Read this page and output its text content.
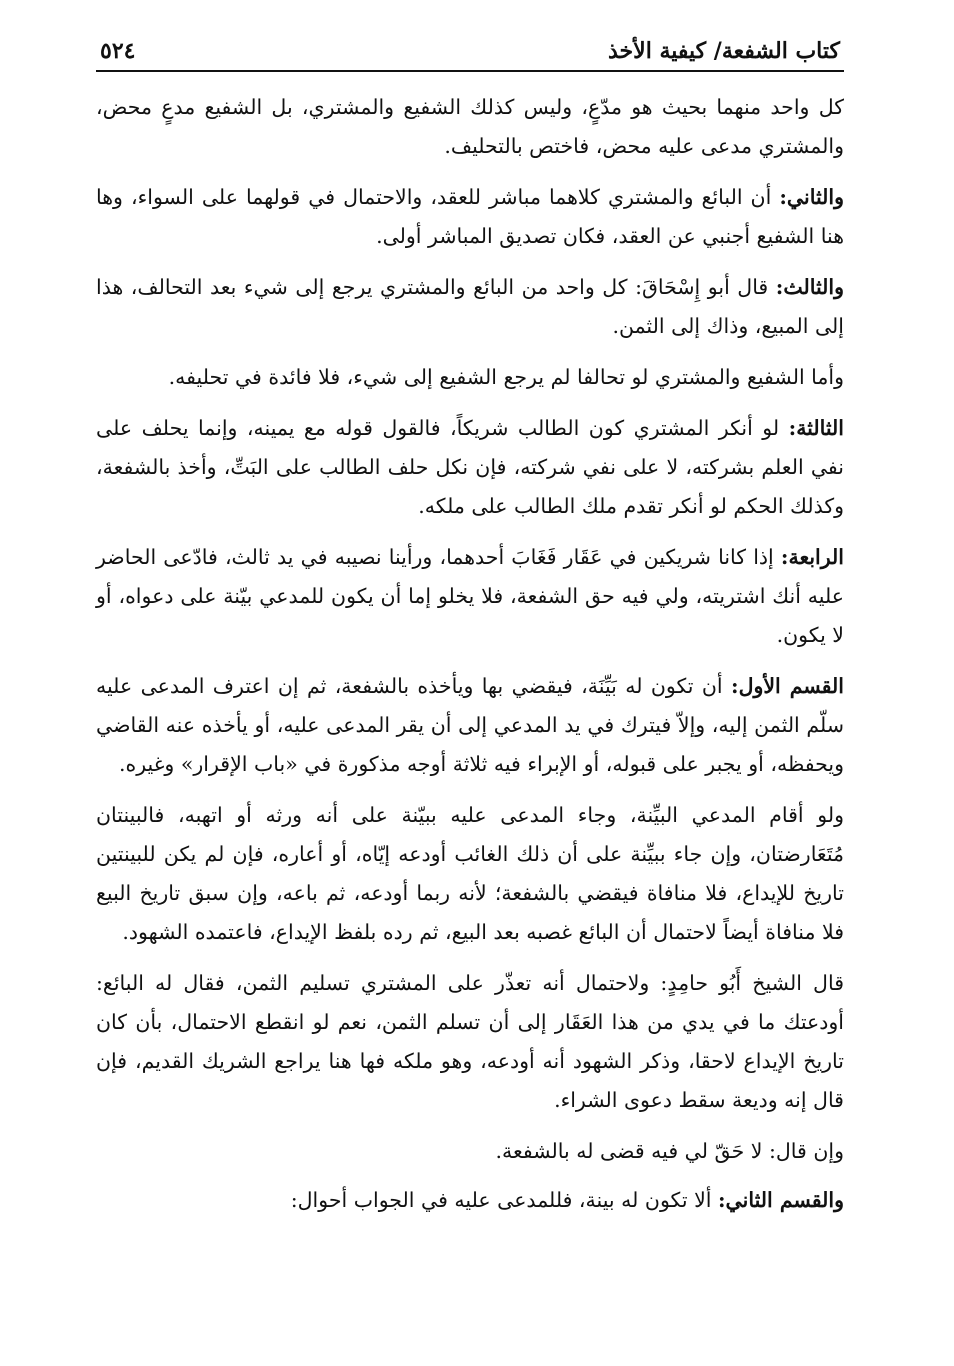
كتاب الشفعة/ كيفية الأخذ
٥٢٤

كل واحد منهما بحيث هو مدّعٍ، وليس كذلك الشفيع والمشتري، بل الشفيع مدعٍ محض، والمشتري مدعى عليه محض، فاختص بالتحليف.

والثاني: أن البائع والمشتري كلاهما مباشر للعقد، والاحتمال في قولهما على السواء، وها هنا الشفيع أجنبي عن العقد، فكان تصديق المباشر أولى.

والثالث: قال أبو إِسْحَاقَ: كل واحد من البائع والمشتري يرجع إلى شيء بعد التحالف، هذا إلى المبيع، وذاك إلى الثمن.

وأما الشفيع والمشتري لو تحالفا لم يرجع الشفيع إلى شيء، فلا فائدة في تحليفه.

الثالثة: لو أنكر المشتري كون الطالب شريكاً، فالقول قوله مع يمينه، وإنما يحلف على نفي العلم بشركته، لا على نفي شركته، فإن نكل حلف الطالب على البَتِّ، وأخذ بالشفعة، وكذلك الحكم لو أنكر تقدم ملك الطالب على ملكه.

الرابعة: إذا كانا شريكين في عَقَار فَغَابَ أحدهما، ورأينا نصيبه في يد ثالث، فادّعى الحاضر عليه أنك اشتريته، ولي فيه حق الشفعة، فلا يخلو إما أن يكون للمدعي بيّنة على دعواه، أو لا يكون.

القسم الأول: أن تكون له بَيِّنَة، فيقضي بها ويأخذه بالشفعة، ثم إن اعترف المدعى عليه سلّم الثمن إليه، وإلاّ فيترك في يد المدعي إلى أن يقر المدعى عليه، أو يأخذه عنه القاضي ويحفظه، أو يجبر على قبوله، أو الإبراء فيه ثلاثة أوجه مذكورة في «باب الإقرار» وغيره.

ولو أقام المدعي البيِّنة، وجاء المدعى عليه ببيّنة على أنه ورثه أو اتهبه، فالبينتان مُتَعَارضتان، وإن جاء ببيِّنة على أن ذلك الغائب أودعه إيّاه، أو أعاره، فإن لم يكن للبينتين تاريخ للإيداع، فلا منافاة فيقضي بالشفعة؛ لأنه ربما أودعه، ثم باعه، وإن سبق تاريخ البيع فلا منافاة أيضاً لاحتمال أن البائع غصبه بعد البيع، ثم رده بلفظ الإيداع، فاعتمده الشهود.

قال الشيخ أَبُو حامِدٍ: ولاحتمال أنه تعذّر على المشتري تسليم الثمن، فقال له البائع: أودعتك ما في يدي من هذا العَقَار إلى أن تسلم الثمن، نعم لو انقطع الاحتمال، بأن كان تاريخ الإيداع لاحقا، وذكر الشهود أنه أودعه، وهو ملكه فها هنا يراجع الشريك القديم، فإن قال إنه وديعة سقط دعوى الشراء.

وإن قال: لا حَقّ لي فيه قضى له بالشفعة.

والقسم الثاني: ألا تكون له بينة، فللمدعى عليه في الجواب أحوال:
